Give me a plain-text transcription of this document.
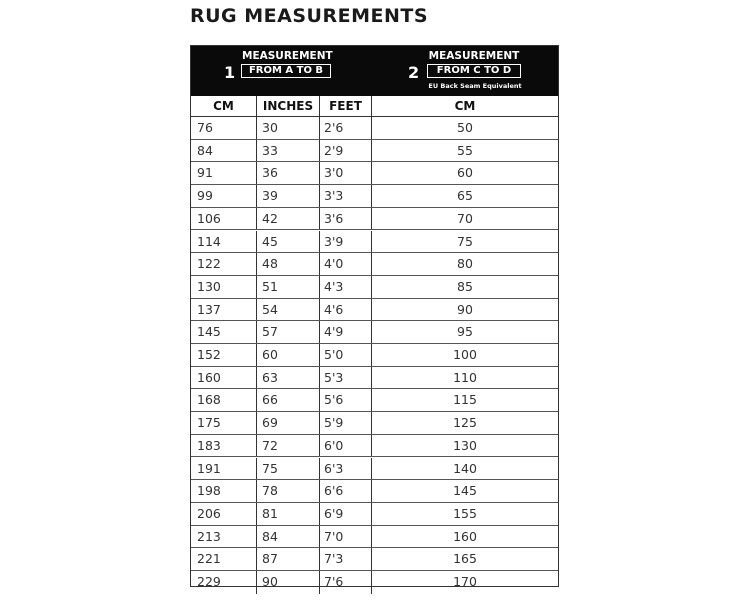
RUG MEASUREMENTS
1
MEASUREMENT
FROM A TO B	2
MEASUREMENT
FROM C TO D
EU Back Seam Equivalent
CM	INCHES	FEET	CM
76	30	2'6	50
84	33	2'9	55
91	36	3'0	60
99	39	3'3	65
106	42	3'6	70
114	45	3'9	75
122	48	4'0	80
130	51	4'3	85
137	54	4'6	90
145	57	4'9	95
152	60	5'0	100
160	63	5'3	110
168	66	5'6	115
175	69	5'9	125
183	72	6'0	130
191	75	6'3	140
198	78	6'6	145
206	81	6'9	155
213	84	7'0	160
221	87	7'3	165
229	90	7'6	170
